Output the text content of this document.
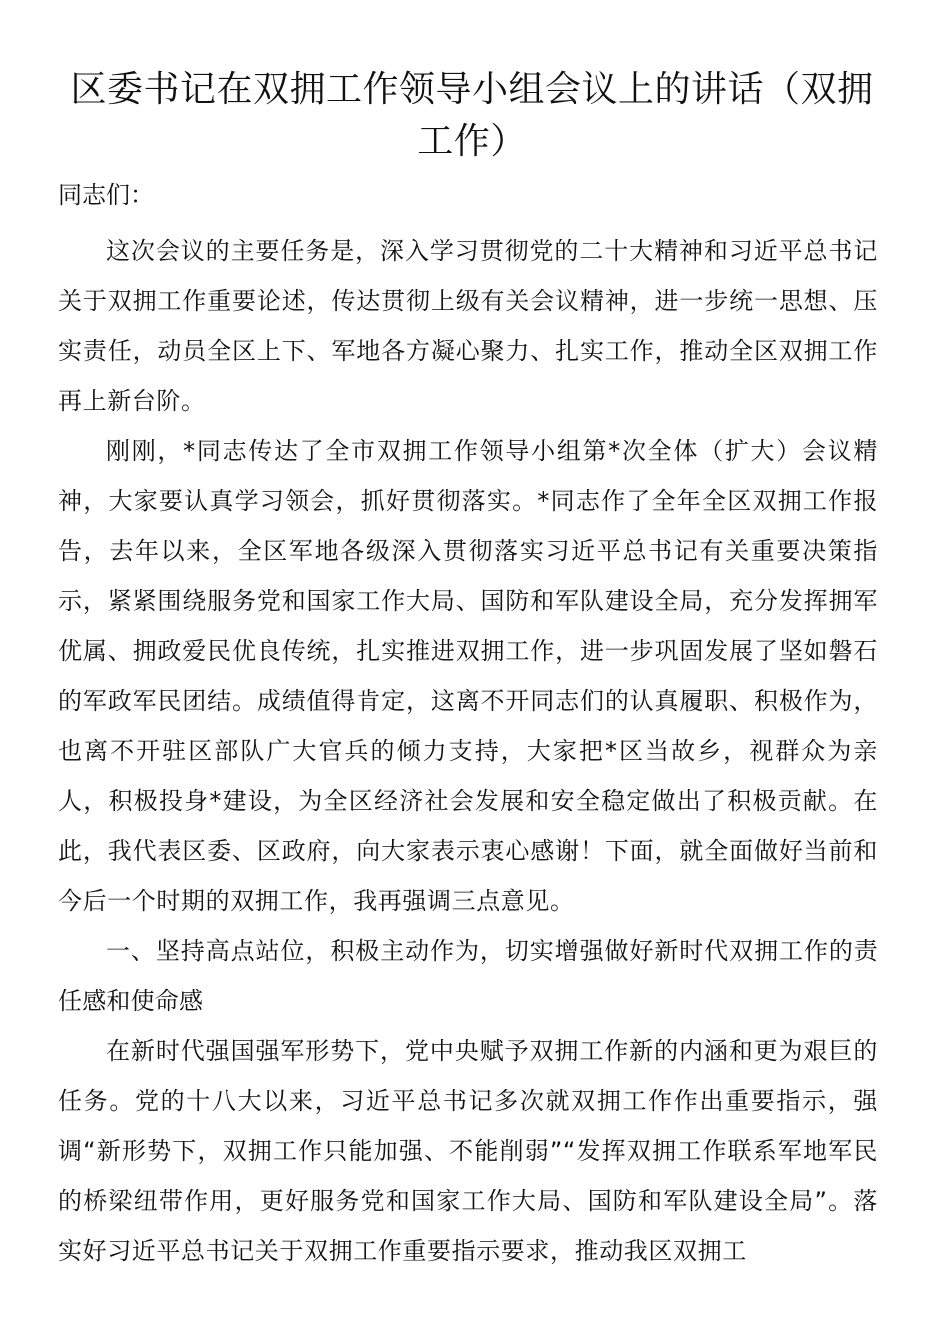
区委书记在双拥工作领导小组会议上的讲话（双拥工作）

同志们：

这次会议的主要任务是，深入学习贯彻党的二十大精神和习近平总书记关于双拥工作重要论述，传达贯彻上级有关会议精神，进一步统一思想、压实责任，动员全区上下、军地各方凝心聚力、扎实工作，推动全区双拥工作再上新台阶。

刚刚，*同志传达了全市双拥工作领导小组第*次全体（扩大）会议精神，大家要认真学习领会，抓好贯彻落实。*同志作了全年全区双拥工作报告，去年以来，全区军地各级深入贯彻落实习近平总书记有关重要决策指示，紧紧围绕服务党和国家工作大局、国防和军队建设全局，充分发挥拥军优属、拥政爱民优良传统，扎实推进双拥工作，进一步巩固发展了坚如磐石的军政军民团结。成绩值得肯定，这离不开同志们的认真履职、积极作为，也离不开驻区部队广大官兵的倾力支持，大家把*区当故乡，视群众为亲人，积极投身*建设，为全区经济社会发展和安全稳定做出了积极贡献。在此，我代表区委、区政府，向大家表示衷心感谢！下面，就全面做好当前和今后一个时期的双拥工作，我再强调三点意见。

一、坚持高点站位，积极主动作为，切实增强做好新时代双拥工作的责任感和使命感

在新时代强国强军形势下，党中央赋予双拥工作新的内涵和更为艰巨的任务。党的十八大以来，习近平总书记多次就双拥工作作出重要指示，强调“新形势下，双拥工作只能加强、不能削弱”“发挥双拥工作联系军地军民的桥梁纽带作用，更好服务党和国家工作大局、国防和军队建设全局”。落实好习近平总书记关于双拥工作重要指示要求，推动我区双拥工
